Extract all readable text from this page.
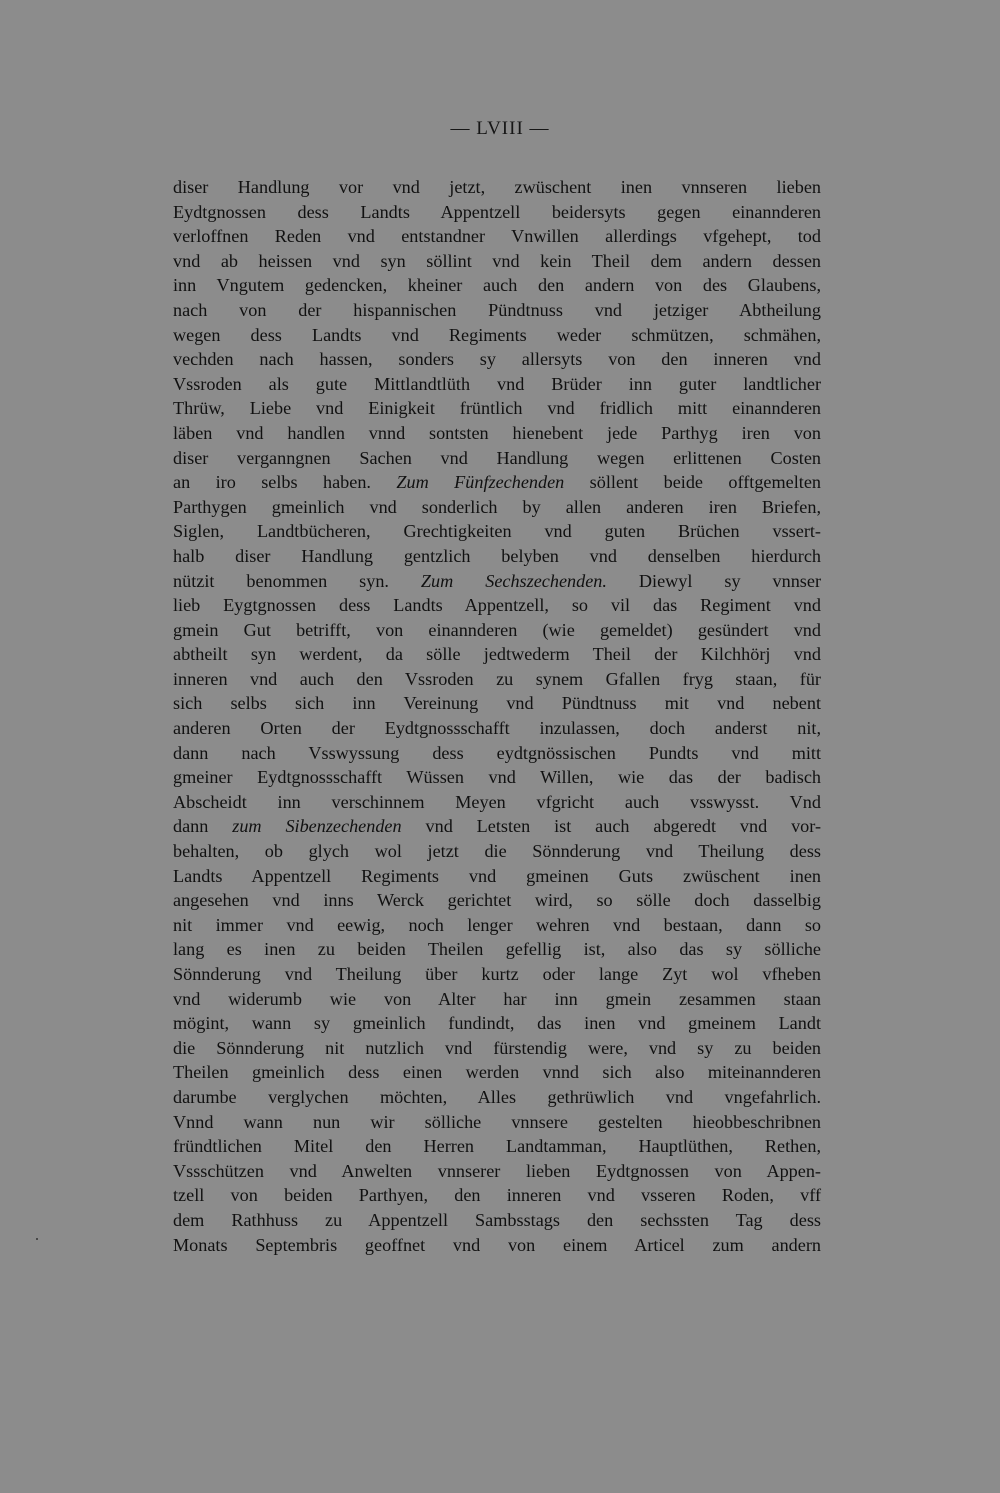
— LVIII —
diser Handlung vor vnd jetzt, zwüschent inen vnnseren lieben
Eydtgnossen dess Landts Appentzell beidersyts gegen einannderen
verloffnen Reden vnd entstandner Vnwillen allerdings vfgehept, tod
vnd ab heissen vnd syn söllint vnd kein Theil dem andern dessen
inn Vngutem gedencken, kheiner auch den andern von des Glaubens,
nach von der hispannischen Pündtnuss vnd jetziger Abtheilung
wegen dess Landts vnd Regiments weder schmützen, schmähen,
vechden nach hassen, sonders sy allersyts von den inneren vnd
Vssroden als gute Mittlandtlüth vnd Brüder inn guter landtlicher
Thrüw, Liebe vnd Einigkeit früntlich vnd fridlich mitt einannderen
läben vnd handlen vnnd sontsten hienebent jede Parthyg iren von
diser verganngnen Sachen vnd Handlung wegen erlittenen Costen
an iro selbs haben. Zum Fünfzechenden söllent beide offtgemelten
Parthygen gmeinlich vnd sonderlich by allen anderen iren Briefen,
Siglen, Landtbücheren, Grechtigkeiten vnd guten Brüchen vssert-
halb diser Handlung gentzlich belyben vnd denselben hierdurch
nützit benommen syn. Zum Sechszechenden. Diewyl sy vnnser
lieb Eygtgnossen dess Landts Appentzell, so vil das Regiment vnd
gmein Gut betrifft, von einannderen (wie gemeldet) gesündert vnd
abtheilt syn werdent, da sölle jedtwederm Theil der Kilchhörj vnd
inneren vnd auch den Vssroden zu synem Gfallen fryg staan, für
sich selbs sich inn Vereinung vnd Pündtnuss mit vnd nebent
anderen Orten der Eydtgnossschafft inzulassen, doch anderst nit,
dann nach Vsswyssung dess eydtgnössischen Pundts vnd mitt
gmeiner Eydtgnossschafft Wüssen vnd Willen, wie das der badisch
Abscheidt inn verschinnem Meyen vfgricht auch vsswysst. Vnd
dann zum Sibenzechenden vnd Letsten ist auch abgeredt vnd vor-
behalten, ob glych wol jetzt die Sönnderung vnd Theilung dess
Landts Appentzell Regiments vnd gmeinen Guts zwüschent inen
angesehen vnd inns Werck gerichtet wird, so sölle doch dasselbig
nit immer vnd eewig, noch lenger wehren vnd bestaan, dann so
lang es inen zu beiden Theilen gefellig ist, also das sy sölliche
Sönnderung vnd Theilung über kurtz oder lange Zyt wol vfheben
vnd widerumb wie von Alter har inn gmein zesammen staan
mögint, wann sy gmeinlich fundindt, das inen vnd gmeinem Landt
die Sönnderung nit nutzlich vnd fürstendig were, vnd sy zu beiden
Theilen gmeinlich dess einen werden vnnd sich also miteinannderen
darumbe verglychen möchten, Alles gethrüwlich vnd vngefahrlich.
Vnnd wann nun wir sölliche vnnsere gestelten hieobbeschribnen
fründtlichen Mitel den Herren Landtamman, Hauptlüthen, Rethen,
Vssschützen vnd Anwelten vnnserer lieben Eydtgnossen von Appen-
tzell von beiden Parthyen, den inneren vnd vsseren Roden, vff
dem Rathhuss zu Appentzell Sambsstags den sechssten Tag dess
Monats Septembris geoffnet vnd von einem Articel zum andern
